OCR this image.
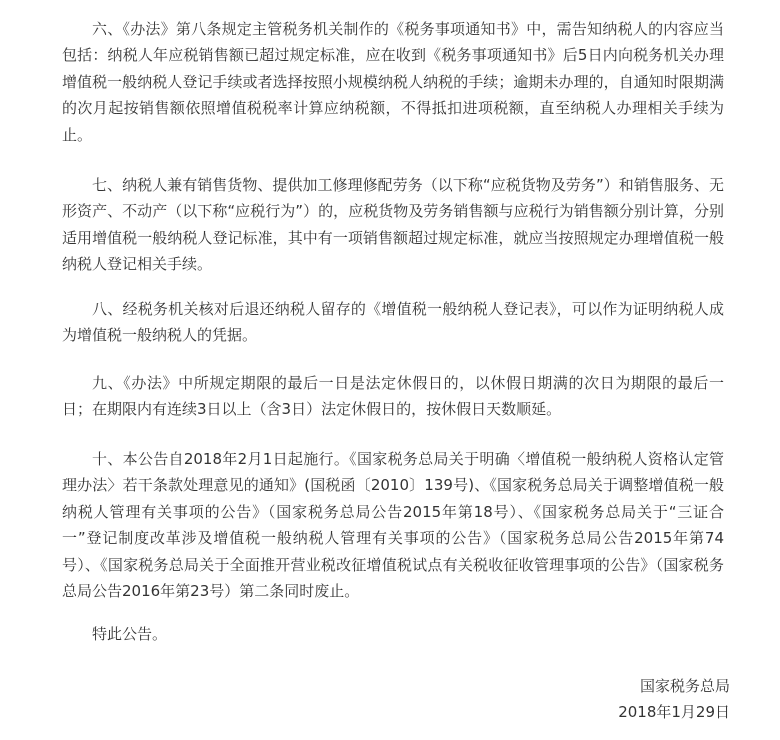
六、《办法》第八条规定主管税务机关制作的《税务事项通知书》中，需告知纳税人的内容应当包括：纳税人年应税销售额已超过规定标准，应在收到《税务事项通知书》后5日内向税务机关办理增值税一般纳税人登记手续或者选择按照小规模纳税人纳税的手续；逾期未办理的，自通知时限期满的次月起按销售额依照增值税税率计算应纳税额，不得抵扣进项税额，直至纳税人办理相关手续为止。

七、纳税人兼有销售货物、提供加工修理修配劳务（以下称“应税货物及劳务”）和销售服务、无形资产、不动产（以下称“应税行为”）的，应税货物及劳务销售额与应税行为销售额分别计算，分别适用增值税一般纳税人登记标准，其中有一项销售额超过规定标准，就应当按照规定办理增值税一般纳税人登记相关手续。

八、经税务机关核对后退还纳税人留存的《增值税一般纳税人登记表》，可以作为证明纳税人成为增值税一般纳税人的凭据。

九、《办法》中所规定期限的最后一日是法定休假日的，以休假日期满的次日为期限的最后一日；在期限内有连续3日以上（含3日）法定休假日的，按休假日天数顺延。

十、本公告自2018年2月1日起施行。《国家税务总局关于明确〈增值税一般纳税人资格认定管理办法〉若干条款处理意见的通知》(国税函〔2010〕139号)、《国家税务总局关于调整增值税一般纳税人管理有关事项的公告》（国家税务总局公告2015年第18号）、《国家税务总局关于“三证合一”登记制度改革涉及增值税一般纳税人管理有关事项的公告》（国家税务总局公告2015年第74号）、《国家税务总局关于全面推开营业税改征增值税试点有关税收征收管理事项的公告》（国家税务总局公告2016年第23号）第二条同时废止。

特此公告。

国家税务总局
2018年1月29日
